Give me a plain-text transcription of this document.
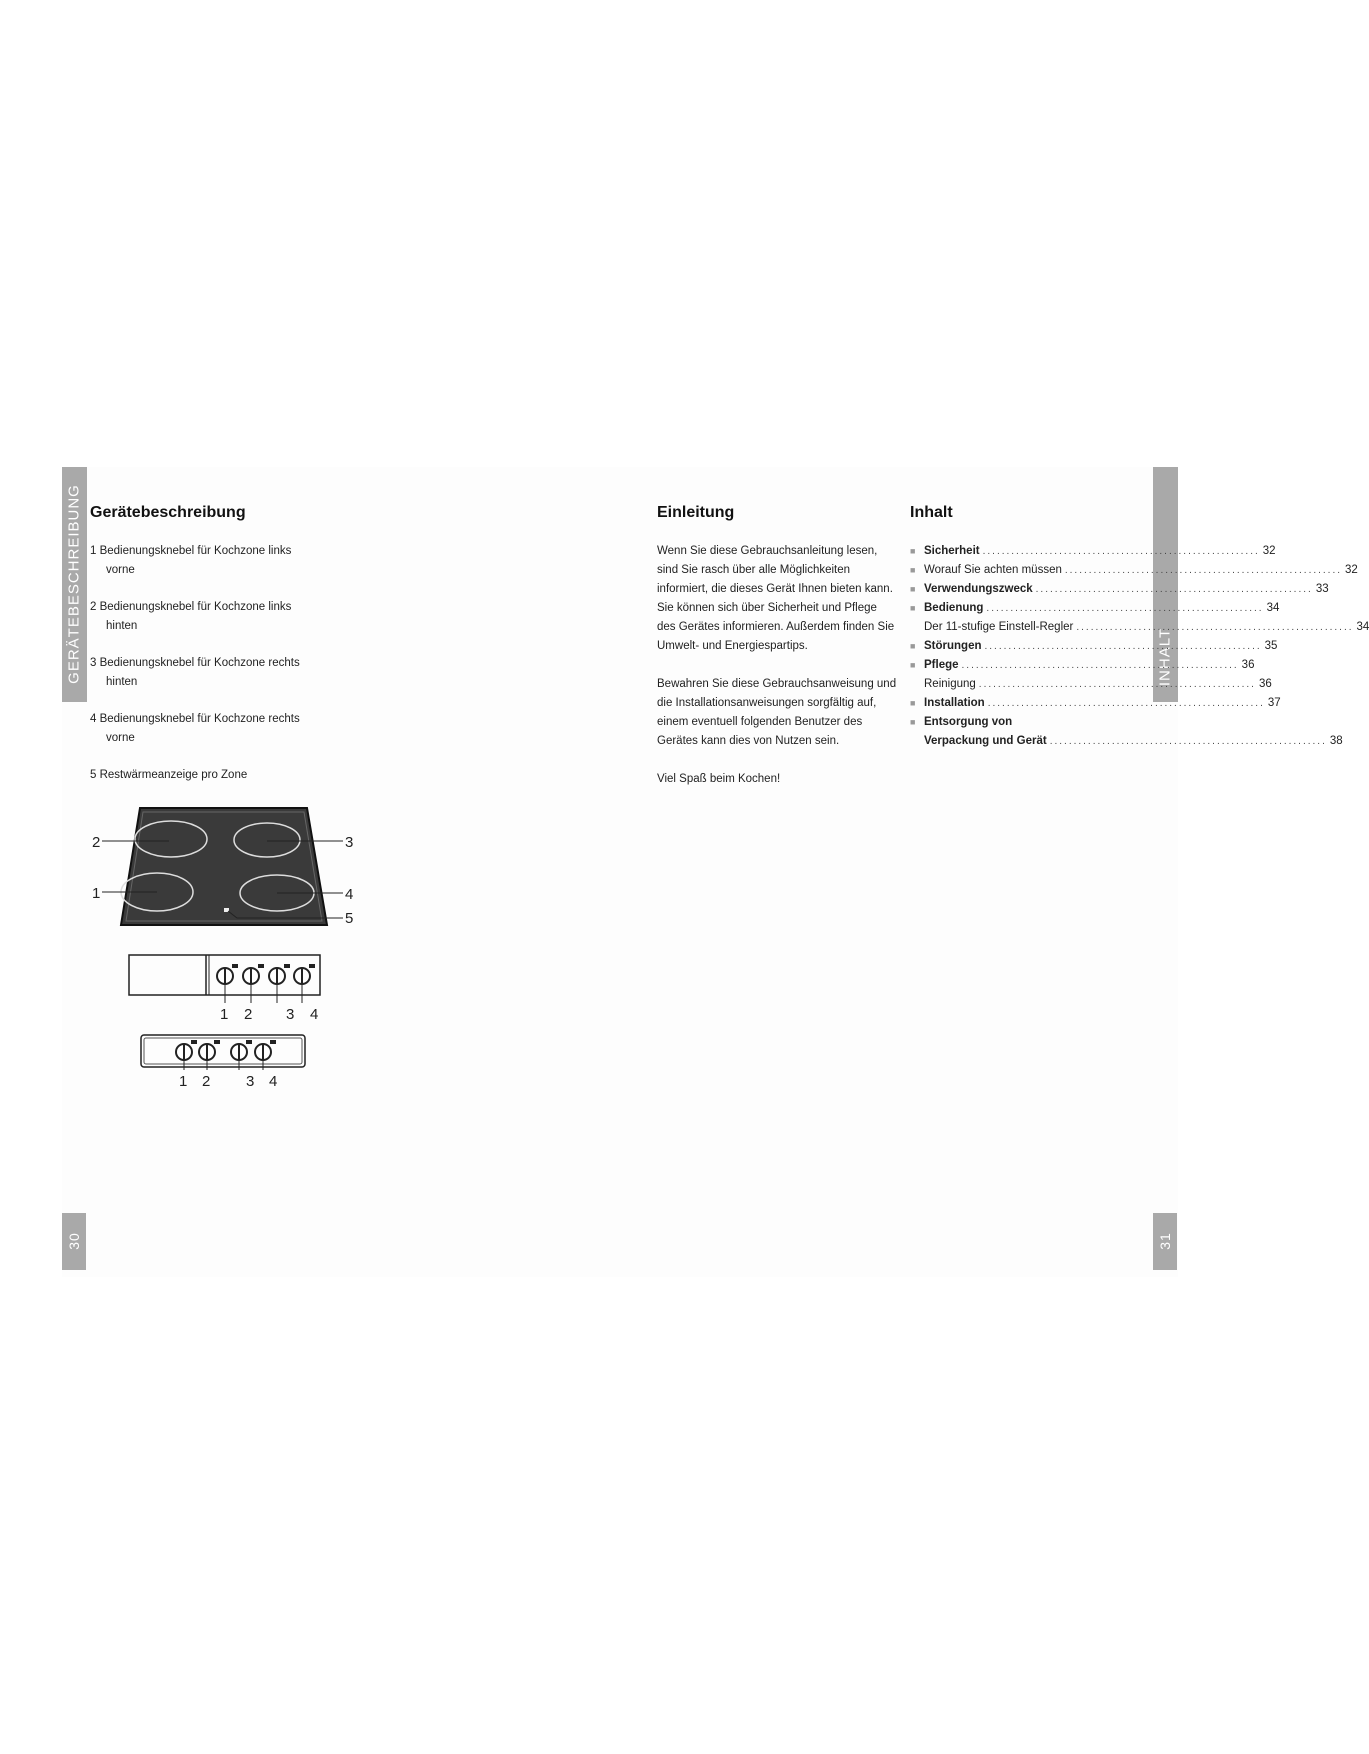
GERÄTEBESCHREIBUNG	INHALT
30	31
Gerätebeschreibung	Einleitung	Inhalt
1 Bedienungsknebel für Kochzone links
vorne
2 Bedienungsknebel für Kochzone links
hinten
3 Bedienungsknebel für Kochzone rechts
hinten
4 Bedienungsknebel für Kochzone rechts
vorne
5 Restwärmeanzeige pro Zone
2
1
3
4
5
1 2 3 4
1 2 3 4

Wenn Sie diese Gebrauchsanleitung lesen, sind Sie rasch über alle Möglichkeiten informiert, die dieses Gerät Ihnen bieten kann. Sie können sich über Sicherheit und Pflege des Gerätes informieren. Außerdem finden Sie Umwelt- und Energiespartips.

Bewahren Sie diese Gebrauchsanweisung und die Installationsanweisungen sorgfältig auf, einem eventuell folgenden Benutzer des Gerätes kann dies von Nutzen sein.

Viel Spaß beim Kochen!

■ Sicherheit .......................................................... 32
■ Worauf Sie achten müssen .......................................................... 32
■ Verwendungszweck .......................................................... 33
■ Bedienung .......................................................... 34
Der 11-stufige Einstell-Regler .......................................................... 34
■ Störungen .......................................................... 35
■ Pflege .......................................................... 36
Reinigung .......................................................... 36
■ Installation .......................................................... 37
■ Entsorgung von
Verpackung und Gerät .......................................................... 38
